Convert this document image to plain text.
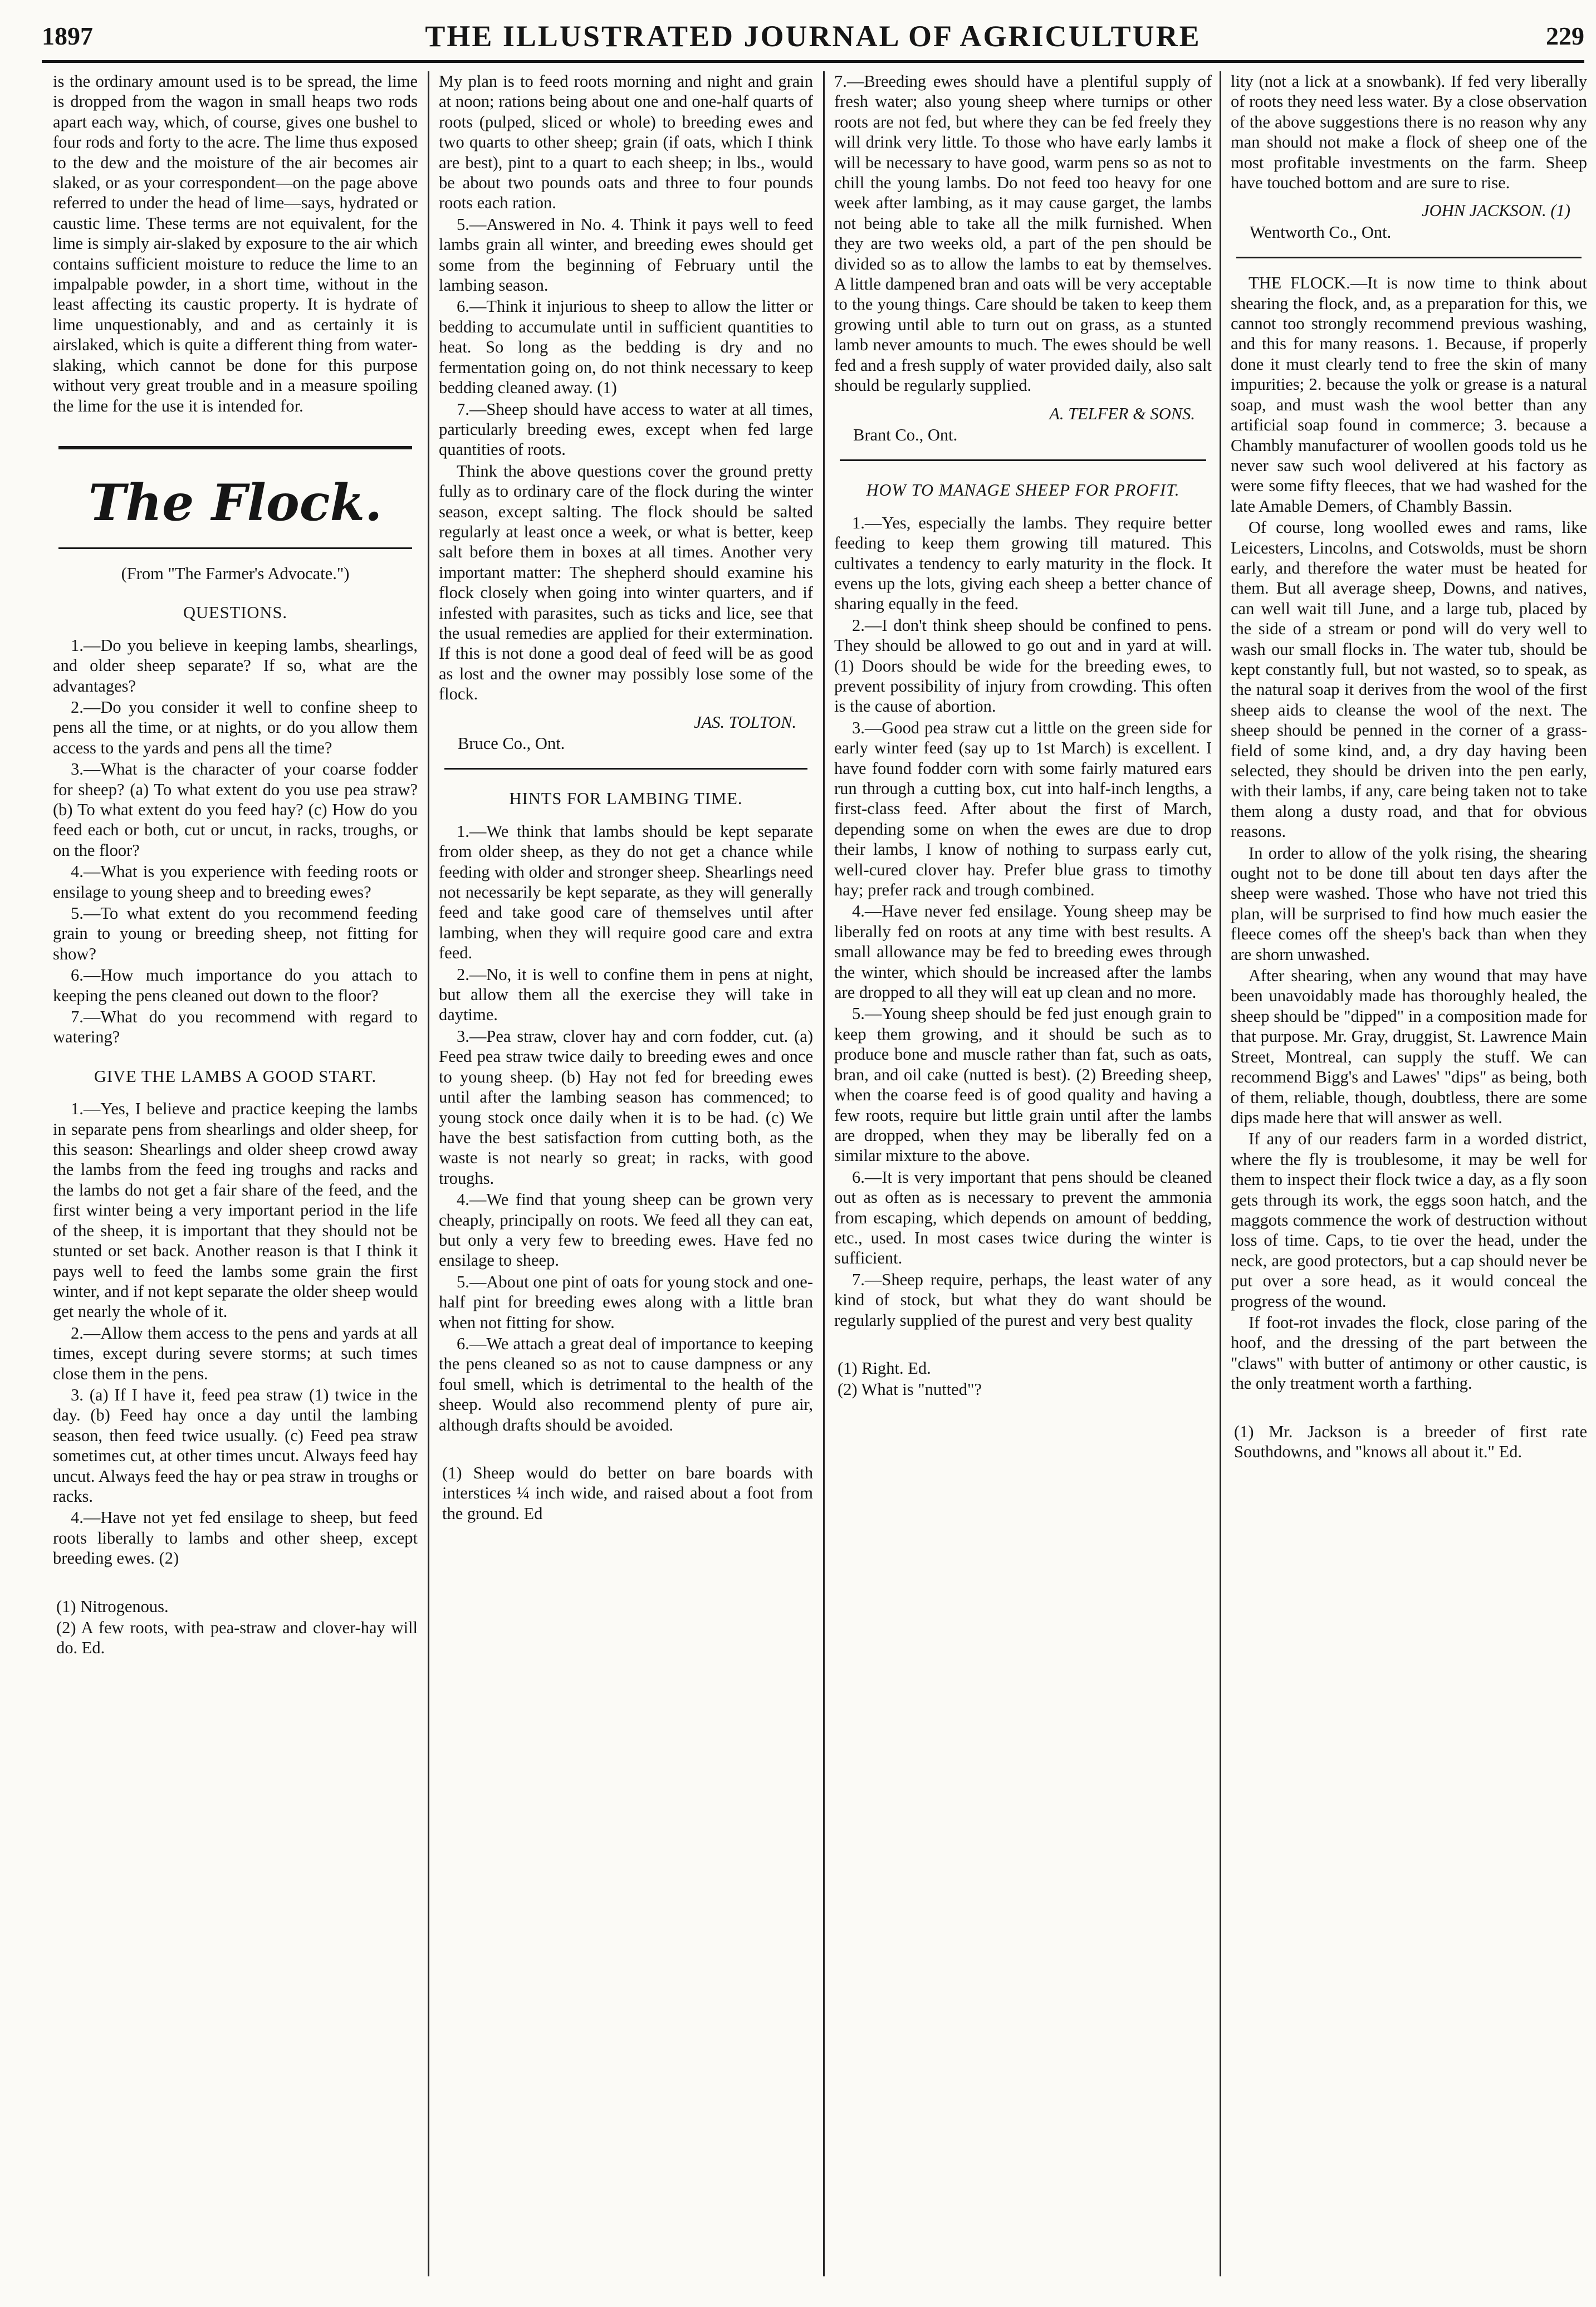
1897	THE ILLUSTRATED JOURNAL OF AGRICULTURE	229

is the ordinary amount used is to be spread, the lime is dropped from the wagon in small heaps two rods apart each way, which, of course, gives one bushel to four rods and forty to the acre. The lime thus exposed to the dew and the moisture of the air becomes air slaked, or as your correspondent—on the page above referred to under the head of lime—says, hydrated or caustic lime. These terms are not equivalent, for the lime is simply air-slaked by exposure to the air which contains sufficient moisture to reduce the lime to an impalpable powder, in a short time, without in the least affecting its caustic property. It is hydrate of lime unquestionably, and and as certainly it is airslaked, which is quite a different thing from water-slaking, which cannot be done for this purpose without very great trouble and in a measure spoiling the lime for the use it is intended for.

The Flock.

(From "The Farmer's Advocate.")

QUESTIONS.

1.—Do you believe in keeping lambs, shearlings, and older sheep separate? If so, what are the advantages?

2.—Do you consider it well to confine sheep to pens all the time, or at nights, or do you allow them access to the yards and pens all the time?

3.—What is the character of your coarse fodder for sheep? (a) To what extent do you use pea straw? (b) To what extent do you feed hay? (c) How do you feed each or both, cut or uncut, in racks, troughs, or on the floor?

4.—What is you experience with feeding roots or ensilage to young sheep and to breeding ewes?

5.—To what extent do you recommend feeding grain to young or breeding sheep, not fitting for show?

6.—How much importance do you attach to keeping the pens cleaned out down to the floor?

7.—What do you recommend with regard to watering?

GIVE THE LAMBS A GOOD START.

1.—Yes, I believe and practice keeping the lambs in separate pens from shearlings and older sheep, for this season: Shearlings and older sheep crowd away the lambs from the feed ing troughs and racks and the lambs do not get a fair share of the feed, and the first winter being a very important period in the life of the sheep, it is important that they should not be stunted or set back. Another reason is that I think it pays well to feed the lambs some grain the first winter, and if not kept separate the older sheep would get nearly the whole of it.

2.—Allow them access to the pens and yards at all times, except during severe storms; at such times close them in the pens.

3. (a) If I have it, feed pea straw (1) twice in the day. (b) Feed hay once a day until the lambing season, then feed twice usually. (c) Feed pea straw sometimes cut, at other times uncut. Always feed hay uncut. Always feed the hay or pea straw in troughs or racks.

4.—Have not yet fed ensilage to sheep, but feed roots liberally to lambs and other sheep, except breeding ewes. (2)

(1) Nitrogenous.

(2) A few roots, with pea-straw and clover-hay will do. Ed.

My plan is to feed roots morning and night and grain at noon; rations being about one and one-half quarts of roots (pulped, sliced or whole) to breeding ewes and two quarts to other sheep; grain (if oats, which I think are best), pint to a quart to each sheep; in lbs., would be about two pounds oats and three to four pounds roots each ration.

5.—Answered in No. 4. Think it pays well to feed lambs grain all winter, and breeding ewes should get some from the beginning of February until the lambing season.

6.—Think it injurious to sheep to allow the litter or bedding to accumulate until in sufficient quantities to heat. So long as the bedding is dry and no fermentation going on, do not think necessary to keep bedding cleaned away. (1)

7.—Sheep should have access to water at all times, particularly breeding ewes, except when fed large quantities of roots.

Think the above questions cover the ground pretty fully as to ordinary care of the flock during the winter season, except salting. The flock should be salted regularly at least once a week, or what is better, keep salt before them in boxes at all times. Another very important matter: The shepherd should examine his flock closely when going into winter quarters, and if infested with parasites, such as ticks and lice, see that the usual remedies are applied for their extermination. If this is not done a good deal of feed will be as good as lost and the owner may possibly lose some of the flock.

JAS. TOLTON.

Bruce Co., Ont.

HINTS FOR LAMBING TIME.

1.—We think that lambs should be kept separate from older sheep, as they do not get a chance while feeding with older and stronger sheep. Shearlings need not necessarily be kept separate, as they will generally feed and take good care of themselves until after lambing, when they will require good care and extra feed.

2.—No, it is well to confine them in pens at night, but allow them all the exercise they will take in daytime.

3.—Pea straw, clover hay and corn fodder, cut. (a) Feed pea straw twice daily to breeding ewes and once to young sheep. (b) Hay not fed for breeding ewes until after the lambing season has commenced; to young stock once daily when it is to be had. (c) We have the best satisfaction from cutting both, as the waste is not nearly so great; in racks, with good troughs.

4.—We find that young sheep can be grown very cheaply, principally on roots. We feed all they can eat, but only a very few to breeding ewes. Have fed no ensilage to sheep.

5.—About one pint of oats for young stock and one-half pint for breeding ewes along with a little bran when not fitting for show.

6.—We attach a great deal of importance to keeping the pens cleaned so as not to cause dampness or any foul smell, which is detrimental to the health of the sheep. Would also recommend plenty of pure air, although drafts should be avoided.

(1) Sheep would do better on bare boards with interstices ¼ inch wide, and raised about a foot from the ground. Ed

7.—Breeding ewes should have a plentiful supply of fresh water; also young sheep where turnips or other roots are not fed, but where they can be fed freely they will drink very little. To those who have early lambs it will be necessary to have good, warm pens so as not to chill the young lambs. Do not feed too heavy for one week after lambing, as it may cause garget, the lambs not being able to take all the milk furnished. When they are two weeks old, a part of the pen should be divided so as to allow the lambs to eat by themselves. A little dampened bran and oats will be very acceptable to the young things. Care should be taken to keep them growing until able to turn out on grass, as a stunted lamb never amounts to much. The ewes should be well fed and a fresh supply of water provided daily, also salt should be regularly supplied.

A. TELFER & SONS.

Brant Co., Ont.

HOW TO MANAGE SHEEP FOR PROFIT.

1.—Yes, especially the lambs. They require better feeding to keep them growing till matured. This cultivates a tendency to early maturity in the flock. It evens up the lots, giving each sheep a better chance of sharing equally in the feed.

2.—I don't think sheep should be confined to pens. They should be allowed to go out and in yard at will. (1) Doors should be wide for the breeding ewes, to prevent possibility of injury from crowding. This often is the cause of abortion.

3.—Good pea straw cut a little on the green side for early winter feed (say up to 1st March) is excellent. I have found fodder corn with some fairly matured ears run through a cutting box, cut into half-inch lengths, a first-class feed. After about the first of March, depending some on when the ewes are due to drop their lambs, I know of nothing to surpass early cut, well-cured clover hay. Prefer blue grass to timothy hay; prefer rack and trough combined.

4.—Have never fed ensilage. Young sheep may be liberally fed on roots at any time with best results. A small allowance may be fed to breeding ewes through the winter, which should be increased after the lambs are dropped to all they will eat up clean and no more.

5.—Young sheep should be fed just enough grain to keep them growing, and it should be such as to produce bone and muscle rather than fat, such as oats, bran, and oil cake (nutted is best). (2) Breeding sheep, when the coarse feed is of good quality and having a few roots, require but little grain until after the lambs are dropped, when they may be liberally fed on a similar mixture to the above.

6.—It is very important that pens should be cleaned out as often as is necessary to prevent the ammonia from escaping, which depends on amount of bedding, etc., used. In most cases twice during the winter is sufficient.

7.—Sheep require, perhaps, the least water of any kind of stock, but what they do want should be regularly supplied of the purest and very best quality

(1) Right. Ed.

(2) What is "nutted"?

lity (not a lick at a snowbank). If fed very liberally of roots they need less water. By a close observation of the above suggestions there is no reason why any man should not make a flock of sheep one of the most profitable investments on the farm. Sheep have touched bottom and are sure to rise.

JOHN JACKSON. (1)

Wentworth Co., Ont.

THE FLOCK.—It is now time to think about shearing the flock, and, as a preparation for this, we cannot too strongly recommend previous washing, and this for many reasons. 1. Because, if properly done it must clearly tend to free the skin of many impurities; 2. because the yolk or grease is a natural soap, and must wash the wool better than any artificial soap found in commerce; 3. because a Chambly manufacturer of woollen goods told us he never saw such wool delivered at his factory as were some fifty fleeces, that we had washed for the late Amable Demers, of Chambly Bassin.

Of course, long woolled ewes and rams, like Leicesters, Lincolns, and Cotswolds, must be shorn early, and therefore the water must be heated for them. But all average sheep, Downs, and natives, can well wait till June, and a large tub, placed by the side of a stream or pond will do very well to wash our small flocks in. The water tub, should be kept constantly full, but not wasted, so to speak, as the natural soap it derives from the wool of the first sheep aids to cleanse the wool of the next. The sheep should be penned in the corner of a grass-field of some kind, and, a dry day having been selected, they should be driven into the pen early, with their lambs, if any, care being taken not to take them along a dusty road, and that for obvious reasons.

In order to allow of the yolk rising, the shearing ought not to be done till about ten days after the sheep were washed. Those who have not tried this plan, will be surprised to find how much easier the fleece comes off the sheep's back than when they are shorn unwashed.

After shearing, when any wound that may have been unavoidably made has thoroughly healed, the sheep should be "dipped" in a composition made for that purpose. Mr. Gray, druggist, St. Lawrence Main Street, Montreal, can supply the stuff. We can recommend Bigg's and Lawes' "dips" as being, both of them, reliable, though, doubtless, there are some dips made here that will answer as well.

If any of our readers farm in a worded district, where the fly is troublesome, it may be well for them to inspect their flock twice a day, as a fly soon gets through its work, the eggs soon hatch, and the maggots commence the work of destruction without loss of time. Caps, to tie over the head, under the neck, are good protectors, but a cap should never be put over a sore head, as it would conceal the progress of the wound.

If foot-rot invades the flock, close paring of the hoof, and the dressing of the part between the "claws" with butter of antimony or other caustic, is the only treatment worth a farthing.

(1) Mr. Jackson is a breeder of first rate Southdowns, and "knows all about it." Ed.
